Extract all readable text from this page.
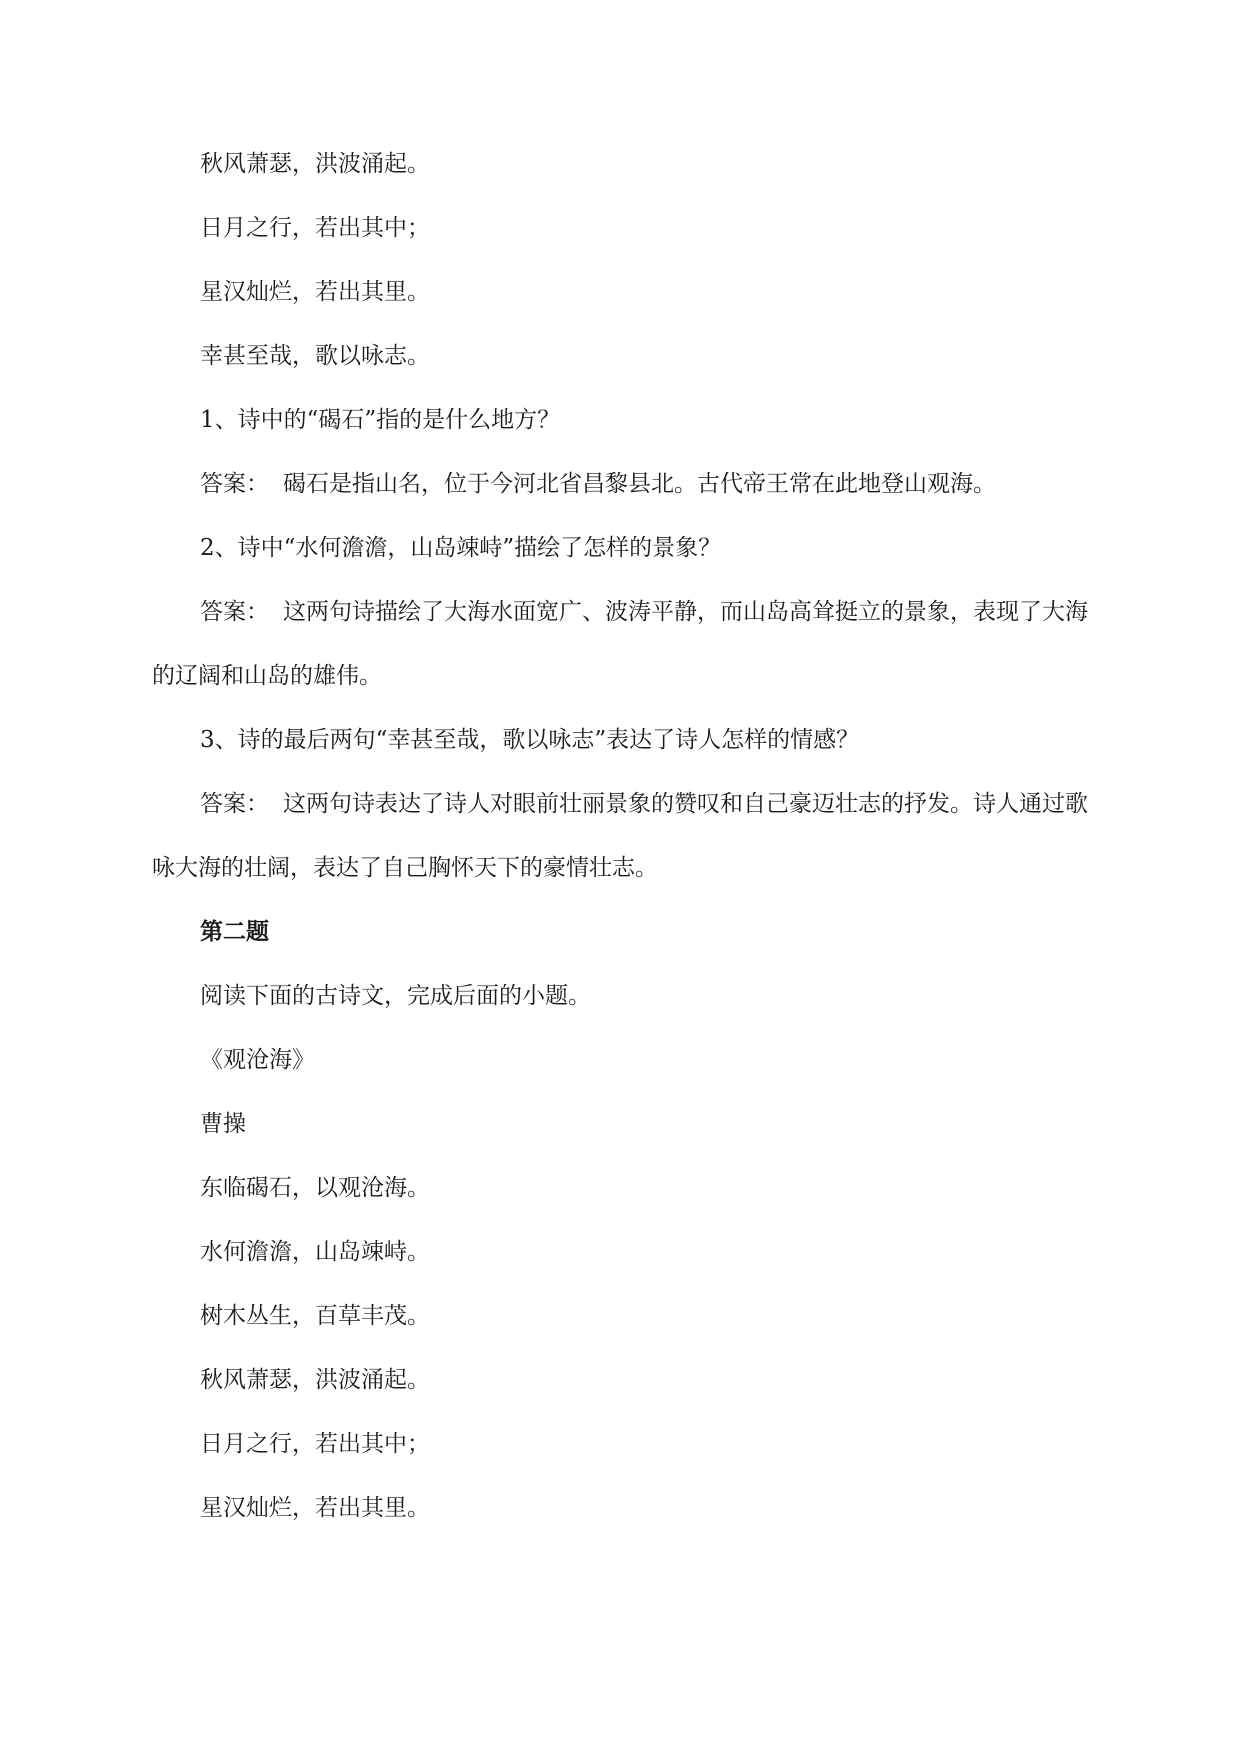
秋风萧瑟，洪波涌起。

日月之行，若出其中；

星汉灿烂，若出其里。

幸甚至哉，歌以咏志。

1、诗中的“碣石”指的是什么地方？

答案： 碣石是指山名，位于今河北省昌黎县北。古代帝王常在此地登山观海。

2、诗中“水何澹澹，山岛竦峙”描绘了怎样的景象？

答案： 这两句诗描绘了大海水面宽广、波涛平静，而山岛高耸挺立的景象，表现了大海的辽阔和山岛的雄伟。

3、诗的最后两句“幸甚至哉，歌以咏志”表达了诗人怎样的情感？

答案： 这两句诗表达了诗人对眼前壮丽景象的赞叹和自己豪迈壮志的抒发。诗人通过歌咏大海的壮阔，表达了自己胸怀天下的豪情壮志。

第二题

阅读下面的古诗文，完成后面的小题。

《观沧海》

曹操

东临碣石，以观沧海。

水何澹澹，山岛竦峙。

树木丛生，百草丰茂。

秋风萧瑟，洪波涌起。

日月之行，若出其中；

星汉灿烂，若出其里。
